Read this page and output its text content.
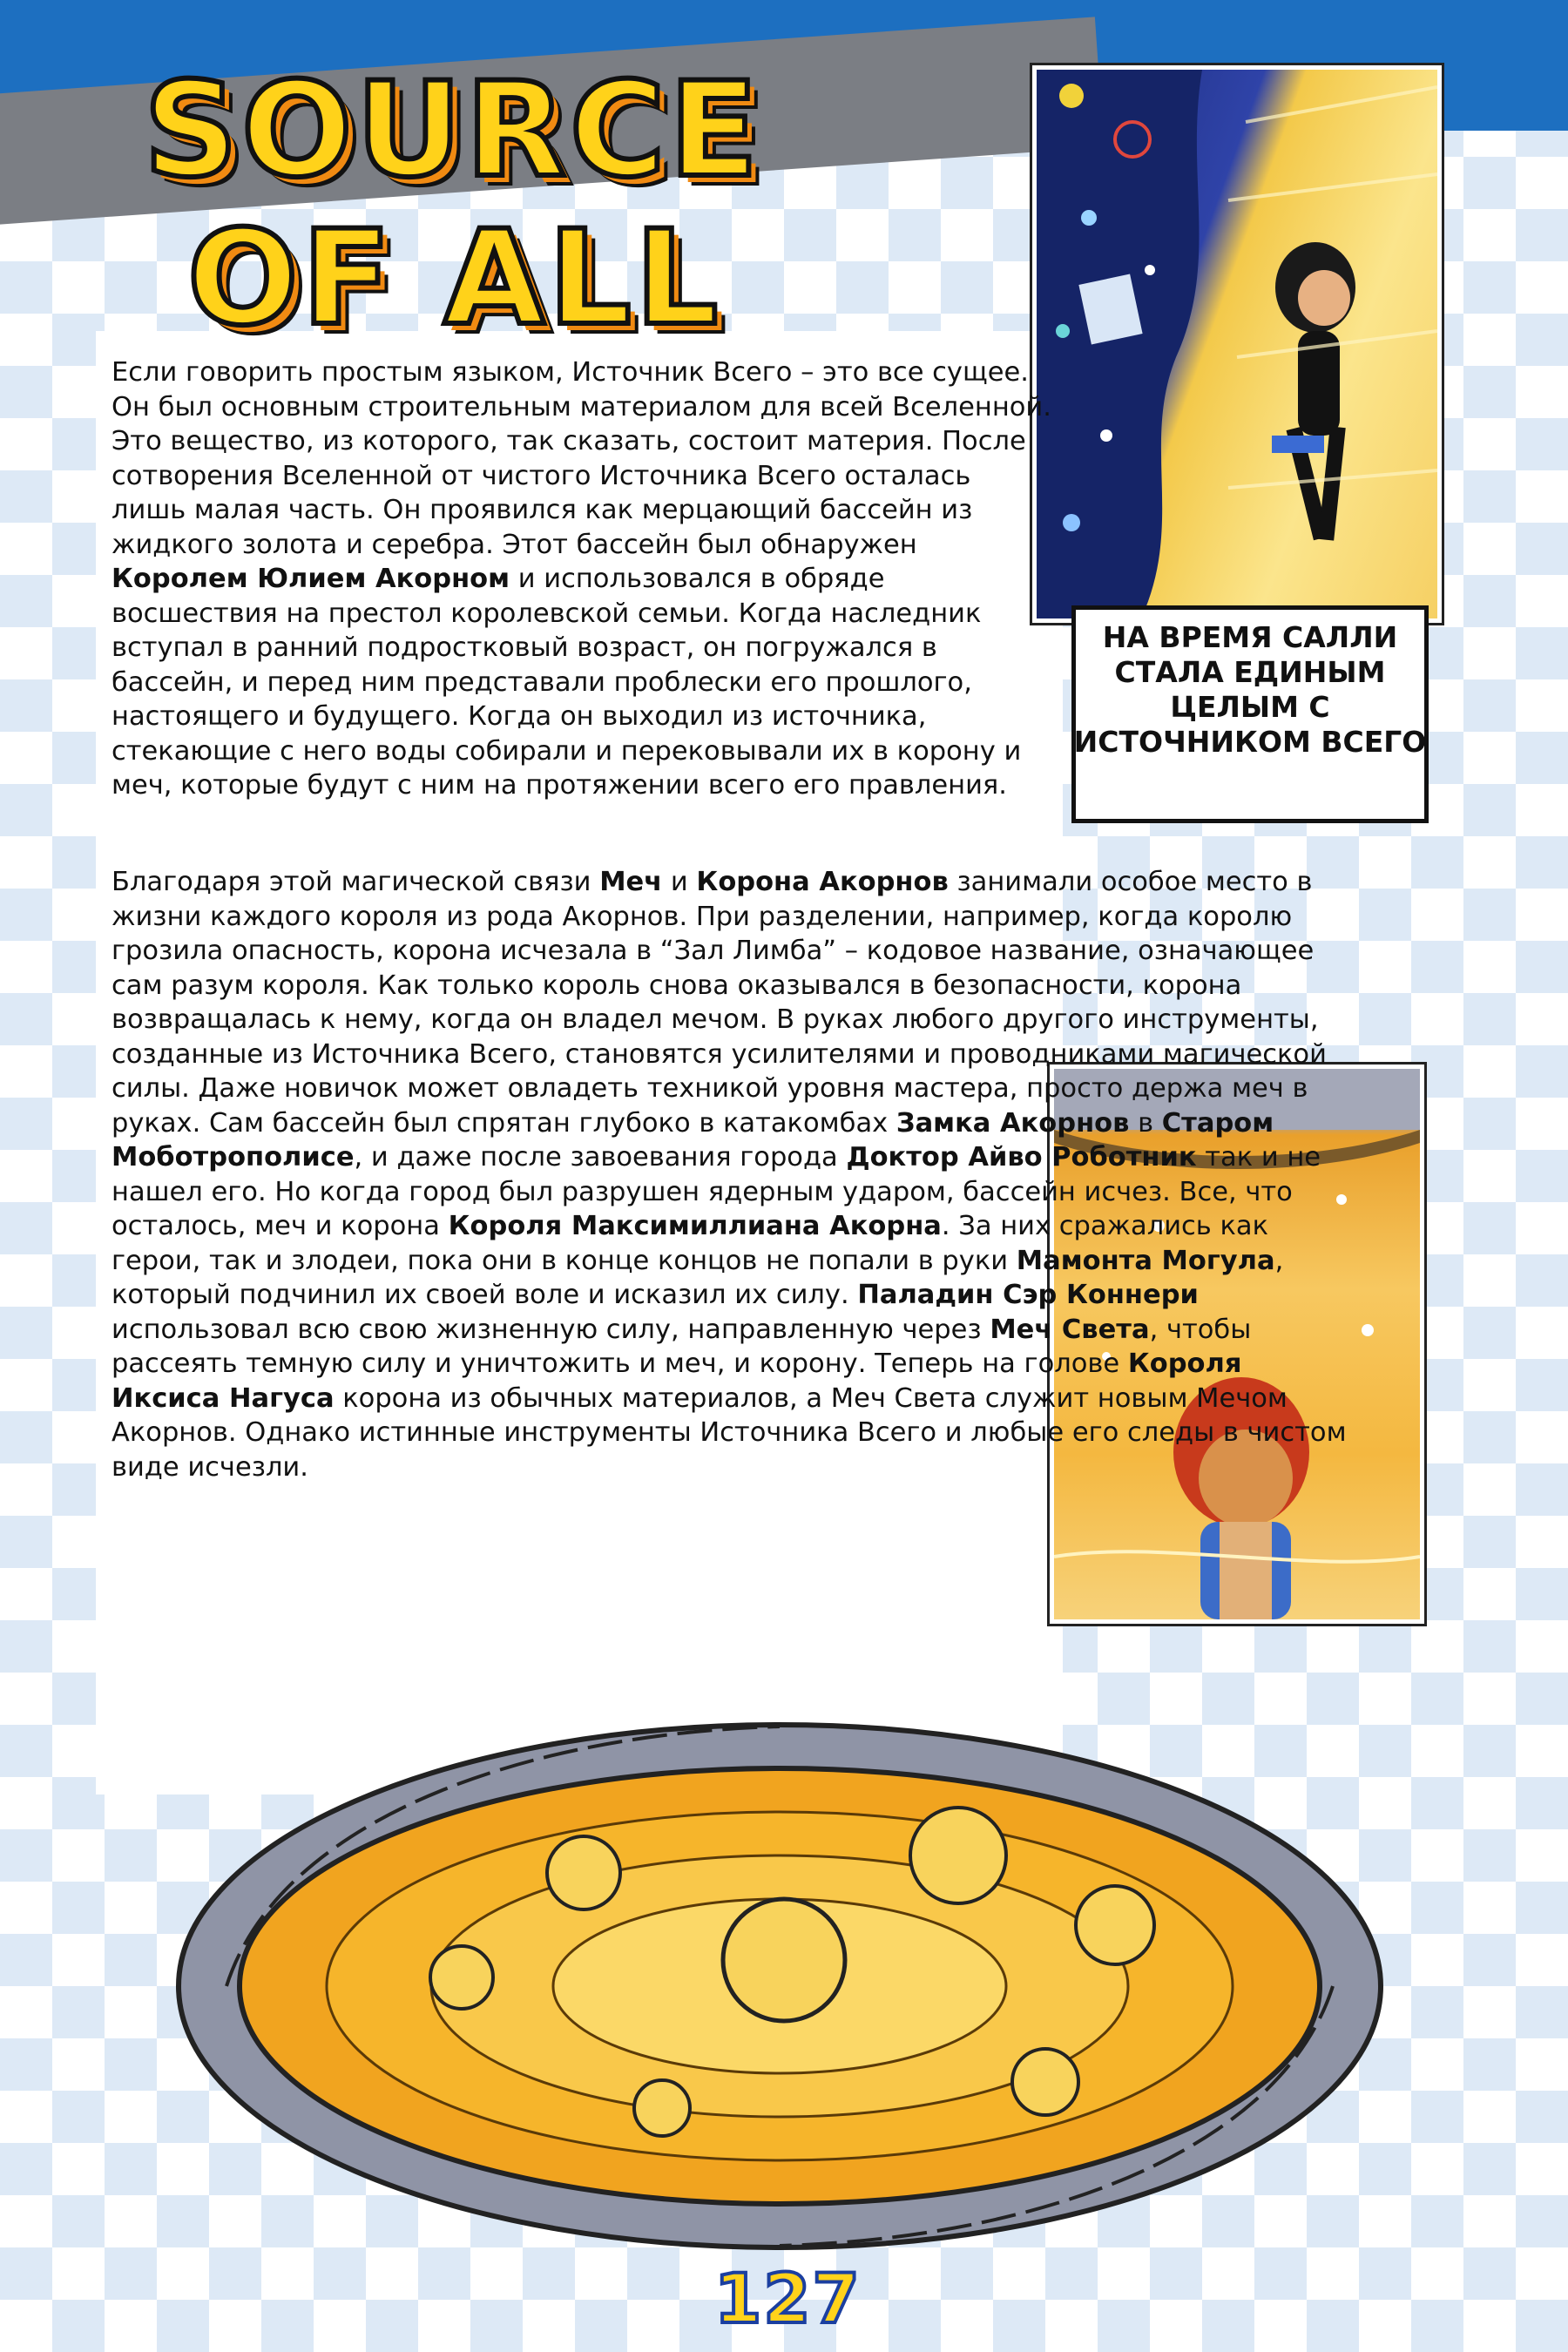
SOURCE
OF ALL
НА ВРЕМЯ САЛЛИ СТАЛА ЕДИНЫМ ЦЕЛЫМ С ИСТОЧНИКОМ ВСЕГО
Если говорить простым языком, Источник Всего – это все сущее. Он был основным строительным материалом для всей Вселенной. Это вещество, из которого, так сказать, состоит материя. После сотворения Вселенной от чистого Источника Всего осталась лишь малая часть. Он проявился как мерцающий бассейн из жидкого золота и серебра. Этот бассейн был обнаружен Королем Юлием Акорном и использовался в обряде восшествия на престол королевской семьи. Когда наследник вступал в ранний подростковый возраст, он погружался в бассейн, и перед ним представали проблески его прошлого, настоящего и будущего. Когда он выходил из источника, стекающие с него воды собирали и перековывали их в корону и меч, которые будут с ним на протяжении всего его правления.
Благодаря этой магической связи Меч и Корона Акорнов занимали особое место в жизни каждого короля из рода Акорнов. При разделении, например, когда королю грозила опасность, корона исчезала в “Зал Лимба” – кодовое название, означающее сам разум короля. Как только король снова оказывался в безопасности, корона возвращалась к нему, когда он владел мечом. В руках любого другого инструменты, созданные из Источника Всего, становятся усилителями и проводниками магической силы. Даже новичок может овладеть техникой уровня мастера, просто держа меч в руках. Сам бассейн был спрятан глубоко в катакомбах Замка Акорнов в Старом Моботрополисе, и даже после завоевания города Доктор Айво Роботник так и не нашел его. Но когда город был разрушен ядерным ударом, бассейн исчез. Все, что осталось, меч и корона Короля Максимиллиана Акорна. За них сражались как герои, так и злодеи, пока они в конце концов не попали в руки Мамонта Могула, который подчинил их своей воле и исказил их силу. Паладин Сэр Коннери использовал всю свою жизненную силу, направленную через Меч Света, чтобы рассеять темную силу и уничтожить и меч, и корону. Теперь на голове Короля Иксиса Нагуса корона из обычных материалов, а Меч Света служит новым Мечом Акорнов. Однако истинные инструменты Источника Всего и любые его следы в чистом виде исчезли.
127
